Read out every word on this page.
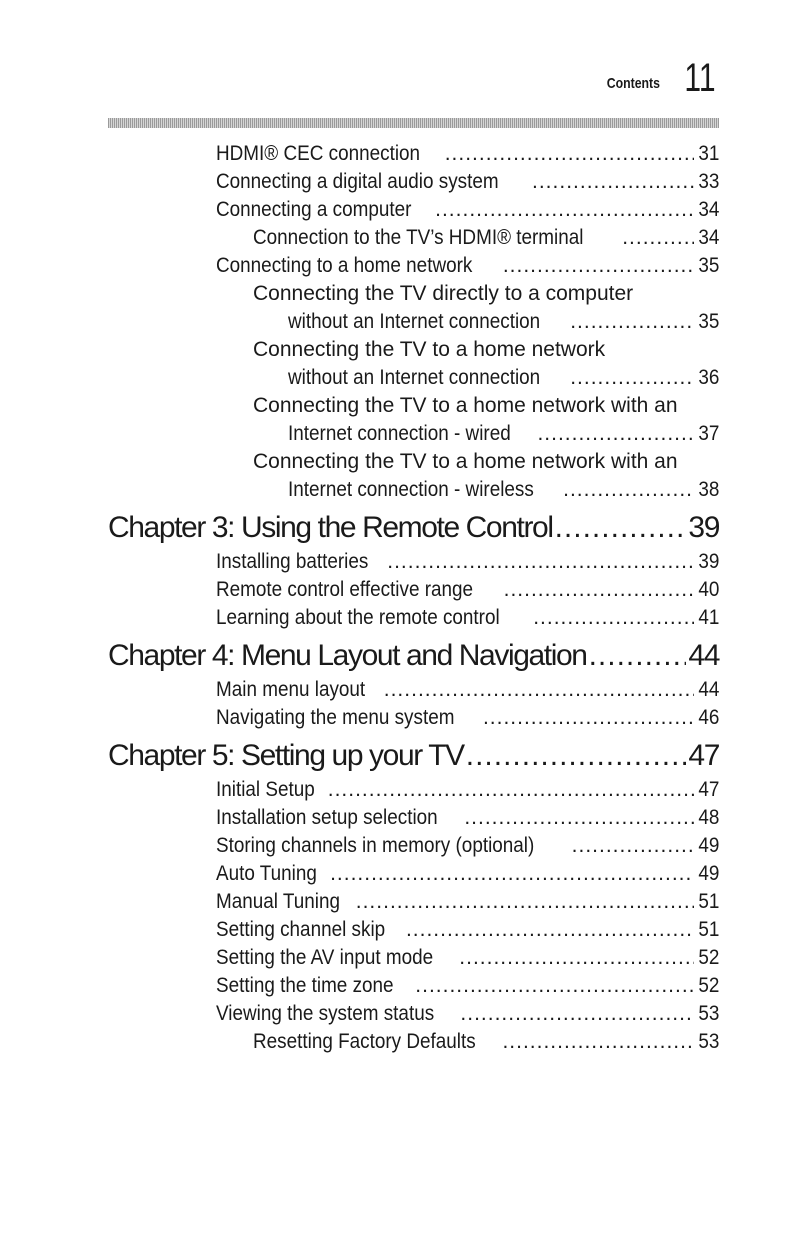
Contents 11
HDMI® CEC connection .....	31
Connecting a digital audio system .....	33
Connecting a computer .....	34
Connection to the TV’s HDMI® terminal .....	34
Connecting to a home network .....	35
Connecting the TV directly to a computer
without an Internet connection .....	35
Connecting the TV to a home network
without an Internet connection .....	36
Connecting the TV to a home network with an
Internet connection - wired .....	37
Connecting the TV to a home network with an
Internet connection - wireless .....	38
Chapter 3: Using the Remote Control .....	39
Installing batteries .....	39
Remote control effective range .....	40
Learning about the remote control .....	41
Chapter 4: Menu Layout and Navigation .....	44
Main menu layout .....	44
Navigating the menu system .....	46
Chapter 5: Setting up your TV .....	47
Initial Setup .....	47
Installation setup selection .....	48
Storing channels in memory (optional) .....	49
Auto Tuning .....	49
Manual Tuning .....	51
Setting channel skip .....	51
Setting the AV input mode .....	52
Setting the time zone .....	52
Viewing the system status .....	53
Resetting Factory Defaults .....	53
